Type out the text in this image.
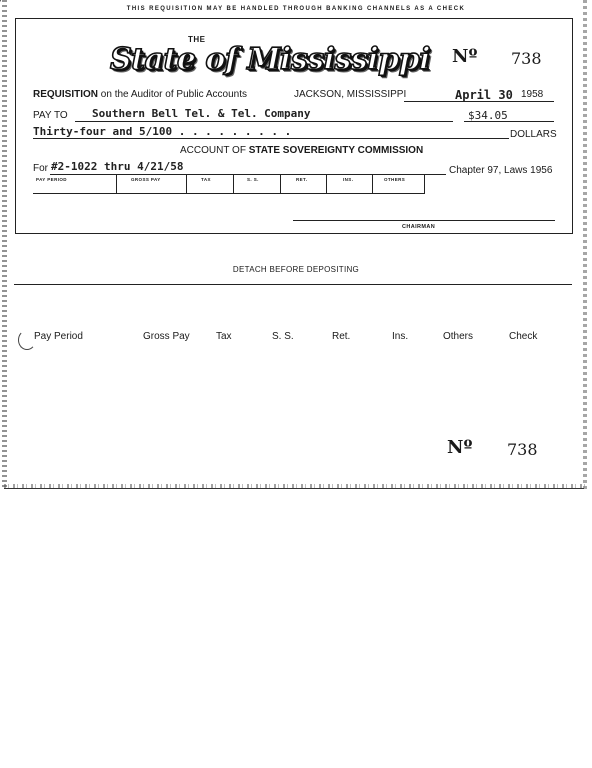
THIS REQUISITION MAY BE HANDLED THROUGH BANKING CHANNELS AS A CHECK
THE
State of Mississippi Nº 738
REQUISITION on the Auditor of Public Accounts	JACKSON, MISSISSIPPI	April 30 1958
PAY TO Southern Bell Tel. & Tel. Company	$34.05
Thirty-four and 5/100 . . . . . . . . .	DOLLARS
ACCOUNT OF STATE SOVEREIGNTY COMMISSION
For #2-1022 thru 4/21/58	Chapter 97, Laws 1956
PAY PERIOD	GROSS PAY	TAX	S. S.	RET.	INS.	OTHERS
CHAIRMAN
DETACH BEFORE DEPOSITING
Pay Period	Gross Pay	Tax	S. S.	Ret.	Ins.	Others	Check
Nº 738
